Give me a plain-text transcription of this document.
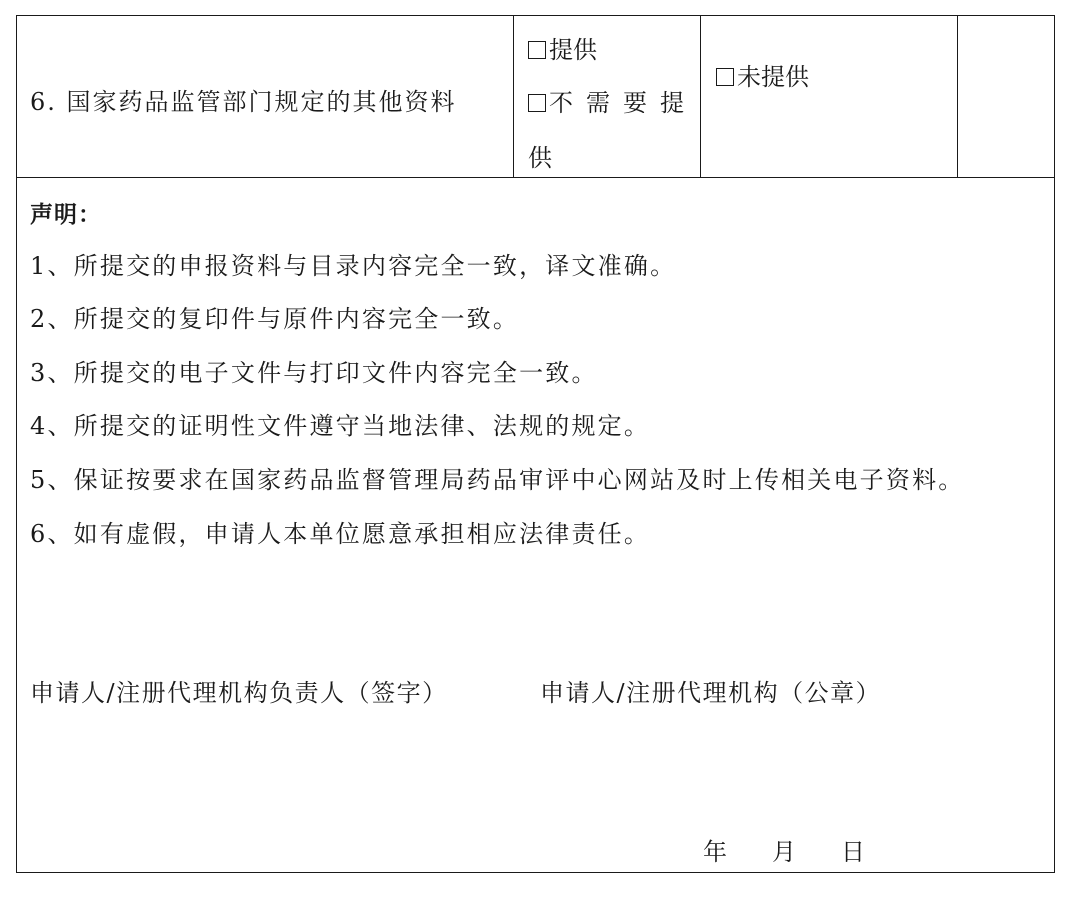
6. 国家药品监管部门规定的其他资料
提供
不需要提
供
未提供
声明：
1、所提交的申报资料与目录内容完全一致，译文准确。
2、所提交的复印件与原件内容完全一致。
3、所提交的电子文件与打印文件内容完全一致。
4、所提交的证明性文件遵守当地法律、法规的规定。
5、保证按要求在国家药品监督管理局药品审评中心网站及时上传相关电子资料。
6、如有虚假，申请人本单位愿意承担相应法律责任。
申请人/注册代理机构负责人（签字）	申请人/注册代理机构（公章）
年 月 日
